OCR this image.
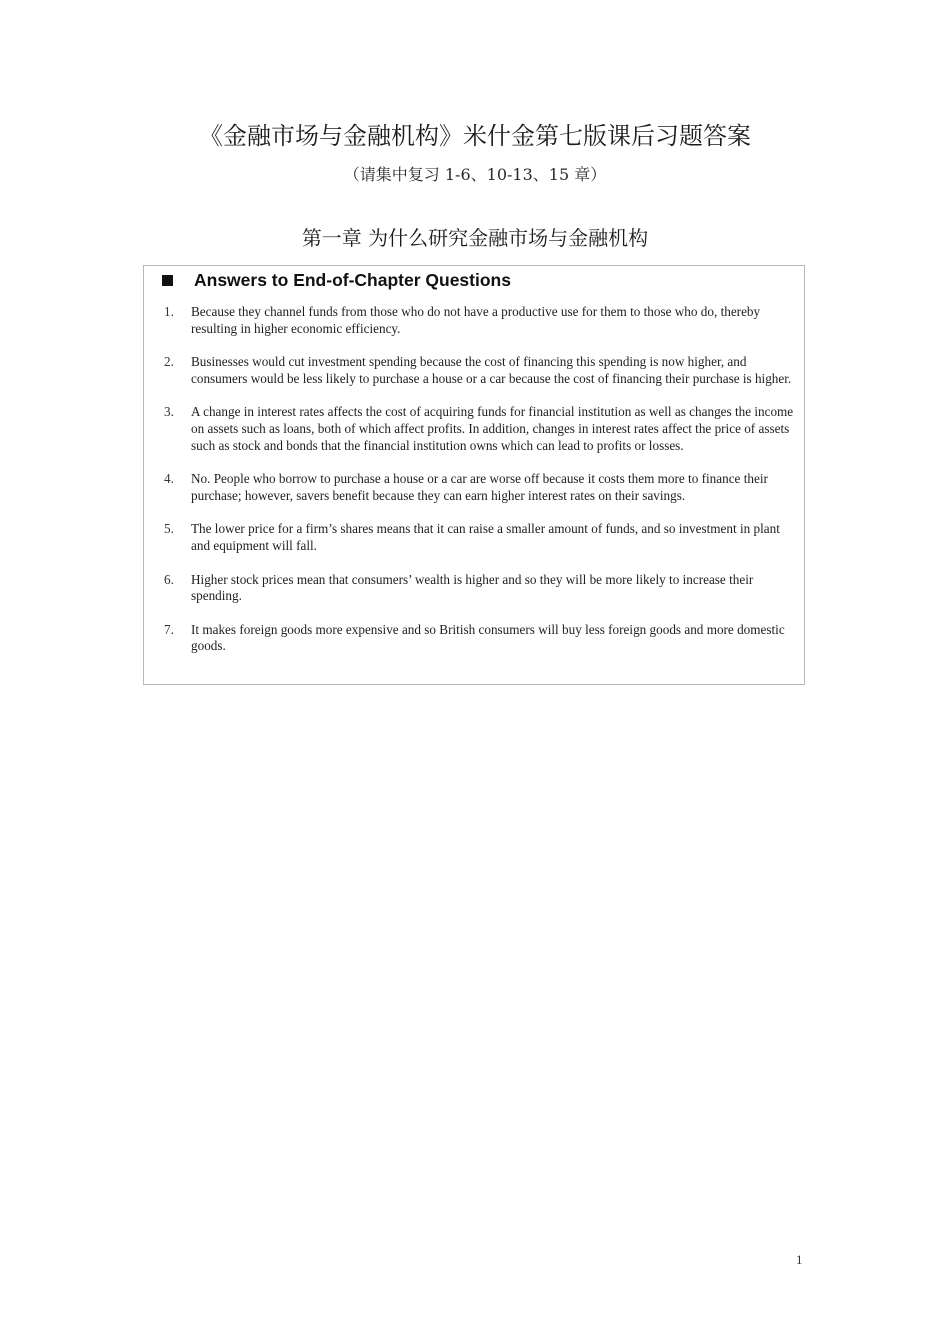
《金融市场与金融机构》米什金第七版课后习题答案
（请集中复习 1-6、10-13、15 章）
第一章 为什么研究金融市场与金融机构
Answers to End-of-Chapter Questions
1.	Because they channel funds from those who do not have a productive use for them to those who do, thereby resulting in higher economic efficiency.
2.	Businesses would cut investment spending because the cost of financing this spending is now higher, and consumers would be less likely to purchase a house or a car because the cost of financing their purchase is higher.
3.	A change in interest rates affects the cost of acquiring funds for financial institution as well as changes the income on assets such as loans, both of which affect profits. In addition, changes in interest rates affect the price of assets such as stock and bonds that the financial institution owns which can lead to profits or losses.
4.	No. People who borrow to purchase a house or a car are worse off because it costs them more to finance their purchase; however, savers benefit because they can earn higher interest rates on their savings.
5.	The lower price for a firm’s shares means that it can raise a smaller amount of funds, and so investment in plant and equipment will fall.
6.	Higher stock prices mean that consumers’ wealth is higher and so they will be more likely to increase their spending.
7.	It makes foreign goods more expensive and so British consumers will buy less foreign goods and more domestic goods.
1
